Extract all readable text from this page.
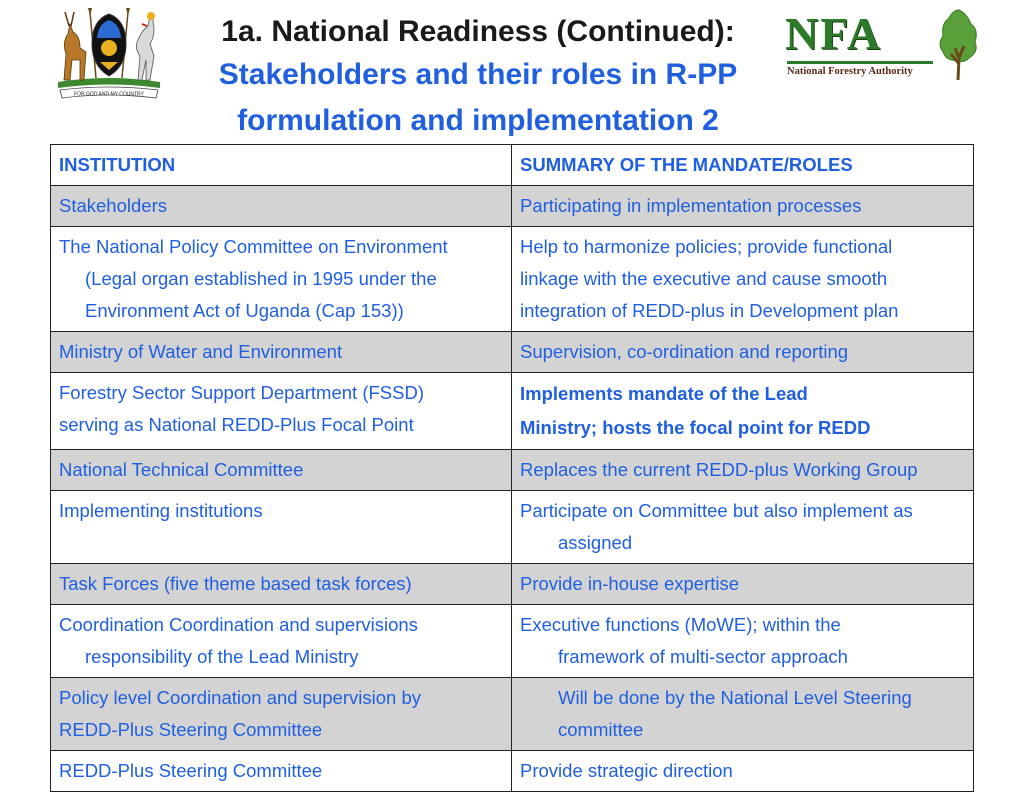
FOR GOD AND MY COUNTRY
1a. National Readiness (Continued):
Stakeholders and their roles in R-PP
formulation and implementation 2
NFA
National Forestry Authority
INSTITUTION	SUMMARY OF THE MANDATE/ROLES
Stakeholders	Participating in implementation processes

The National Policy Committee on Environment
(Legal organ established in 1995 under the
Environment Act of Uganda (Cap 153))	Help to harmonize policies; provide functional
linkage with the executive and cause smooth
integration of REDD-plus in Development plan

Ministry of Water and Environment	Supervision, co-ordination and reporting

Forestry Sector Support Department (FSSD)
serving as National REDD-Plus Focal Point	Implements mandate of the Lead
Ministry; hosts the focal point for REDD

National Technical Committee	Replaces the current REDD-plus Working Group
Implementing institutions	Participate on Committee but also implement as
assigned

Task Forces (five theme based task forces)	Provide in-house expertise

Coordination Coordination and supervisions
responsibility of the Lead Ministry	Executive functions (MoWE); within the
framework of multi-sector approach

Policy level Coordination and supervision by
REDD-Plus Steering Committee	Will be done by the National Level Steering
committee

REDD-Plus Steering Committee	Provide strategic direction
